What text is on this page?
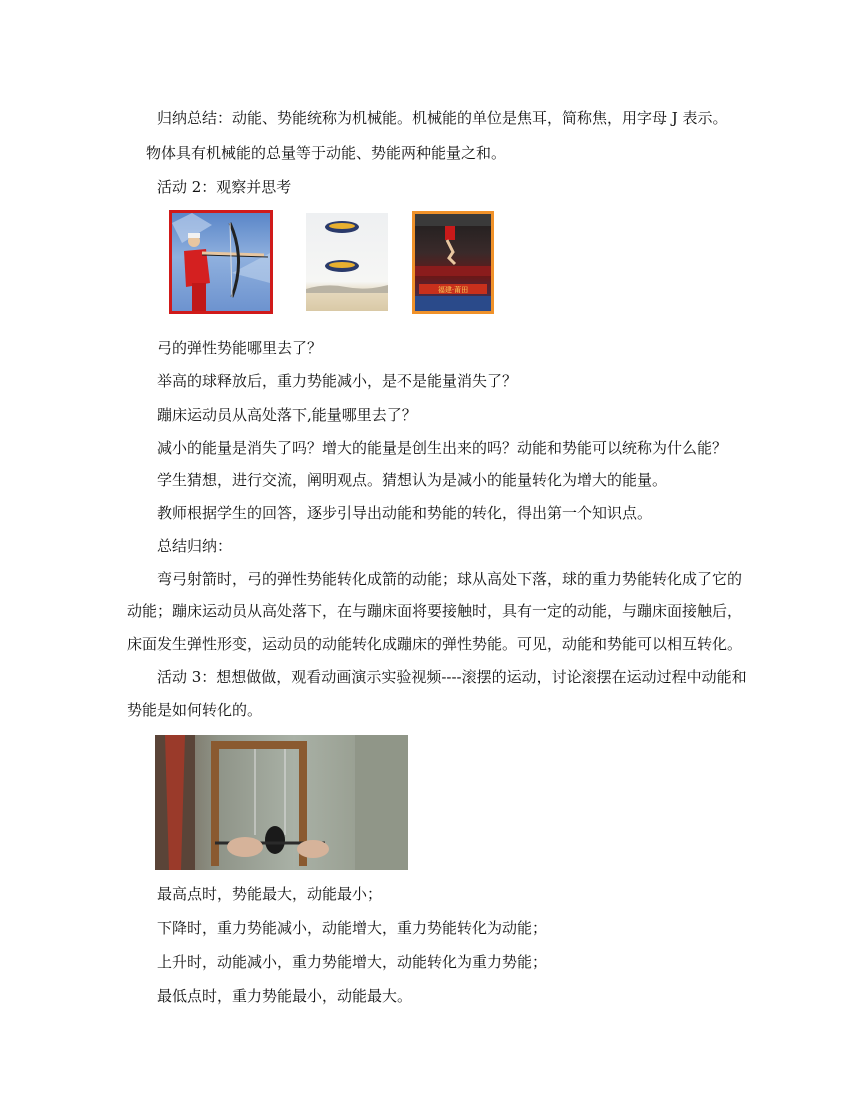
归纳总结：动能、势能统称为机械能。机械能的单位是焦耳，简称焦，用字母 J 表示。
物体具有机械能的总量等于动能、势能两种能量之和。
活动 2：观察并思考
福建·莆田
弓的弹性势能哪里去了？
举高的球释放后，重力势能减小，是不是能量消失了？
蹦床运动员从高处落下,能量哪里去了？
减小的能量是消失了吗？增大的能量是创生出来的吗？动能和势能可以统称为什么能？
学生猜想，进行交流，阐明观点。猜想认为是减小的能量转化为增大的能量。
教师根据学生的回答，逐步引导出动能和势能的转化，得出第一个知识点。
总结归纳：
弯弓射箭时，弓的弹性势能转化成箭的动能；球从高处下落，球的重力势能转化成了它的
动能；蹦床运动员从高处落下，在与蹦床面将要接触时，具有一定的动能，与蹦床面接触后，
床面发生弹性形变，运动员的动能转化成蹦床的弹性势能。可见，动能和势能可以相互转化。
活动 3：想想做做，观看动画演示实验视频----滚摆的运动，讨论滚摆在运动过程中动能和
势能是如何转化的。
最高点时，势能最大，动能最小；
下降时，重力势能减小，动能增大，重力势能转化为动能；
上升时，动能减小，重力势能增大，动能转化为重力势能；
最低点时，重力势能最小，动能最大。
